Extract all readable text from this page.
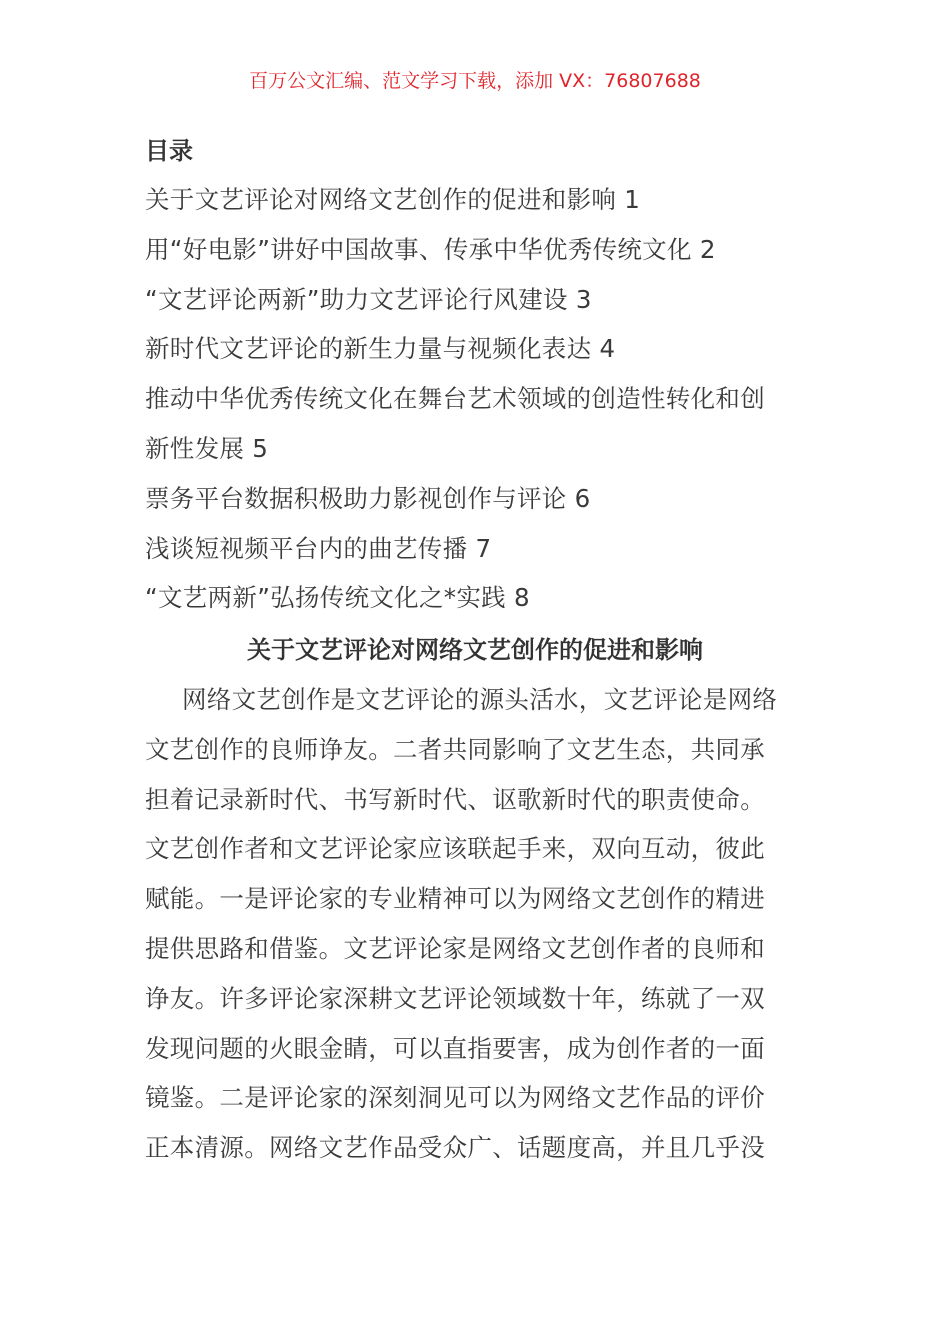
百万公文汇编、范文学习下载，添加 VX：76807688
目录
关于文艺评论对网络文艺创作的促进和影响 1
用“好电影”讲好中国故事、传承中华优秀传统文化 2
“文艺评论两新”助力文艺评论行风建设 3
新时代文艺评论的新生力量与视频化表达 4
推动中华优秀传统文化在舞台艺术领域的创造性转化和创
新性发展 5
票务平台数据积极助力影视创作与评论 6
浅谈短视频平台内的曲艺传播 7
“文艺两新”弘扬传统文化之*实践 8
关于文艺评论对网络文艺创作的促进和影响
网络文艺创作是文艺评论的源头活水，文艺评论是网络
文艺创作的良师诤友。二者共同影响了文艺生态，共同承
担着记录新时代、书写新时代、讴歌新时代的职责使命。
文艺创作者和文艺评论家应该联起手来，双向互动，彼此
赋能。一是评论家的专业精神可以为网络文艺创作的精进
提供思路和借鉴。文艺评论家是网络文艺创作者的良师和
诤友。许多评论家深耕文艺评论领域数十年，练就了一双
发现问题的火眼金睛，可以直指要害，成为创作者的一面
镜鉴。二是评论家的深刻洞见可以为网络文艺作品的评价
正本清源。网络文艺作品受众广、话题度高，并且几乎没
